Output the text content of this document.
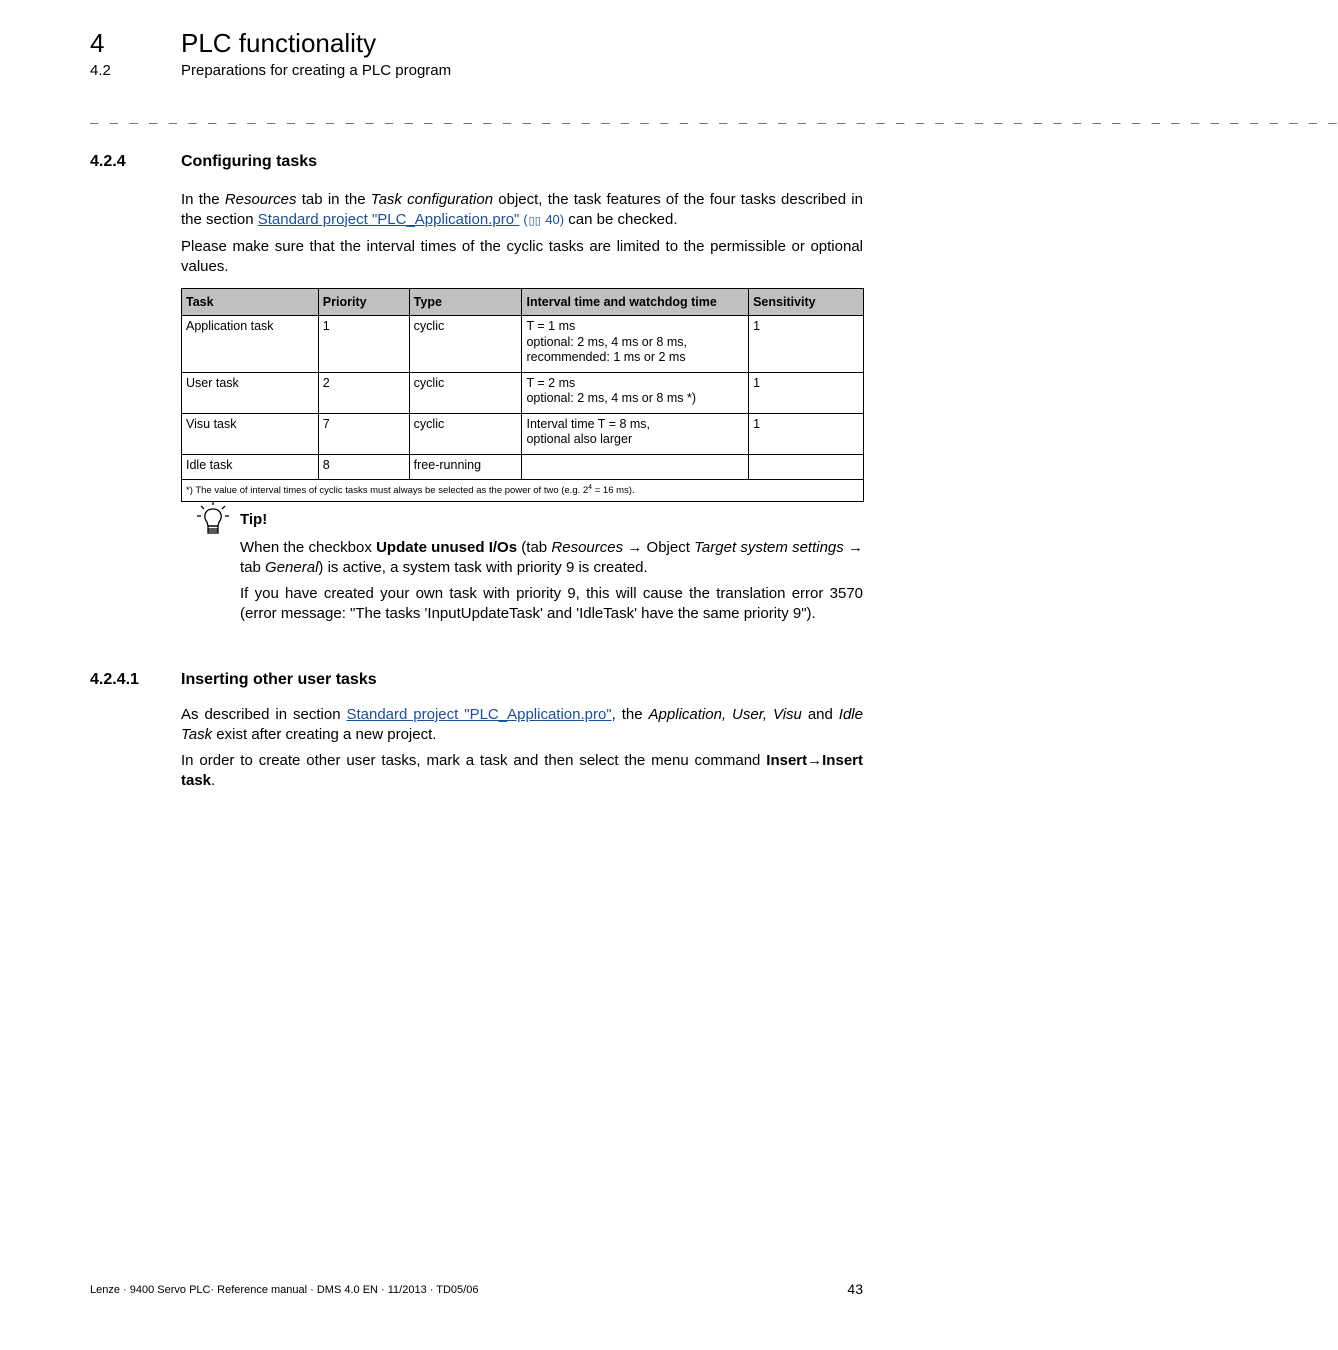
4	PLC functionality
4.2	Preparations for creating a PLC program
_ _ _ _ _ _ _ _ _ _ _ _ _ _ _ _ _ _ _ _ _ _ _ _ _ _ _ _ _ _ _ _ _ _ _ _ _ _ _ _ _ _ _ _ _ _ _ _ _ _ _ _ _ _ _ _ _ _ _ _ _ _ _ _
4.2.4	Configuring tasks
In the Resources tab in the Task configuration object, the task features of the four tasks described in the section Standard project "PLC_Application.pro" (▯▯ 40) can be checked.
Please make sure that the interval times of the cyclic tasks are limited to the permissible or optional values.
Task	Priority	Type	Interval time and watchdog time	Sensitivity
Application task	1	cyclic	T = 1 ms
optional: 2 ms, 4 ms or 8 ms,
recommended: 1 ms or 2 ms	1
User task	2	cyclic	T = 2 ms
optional: 2 ms, 4 ms or 8 ms *)	1
Visu task	7	cyclic	Interval time T = 8 ms,
optional also larger	1
Idle task	8	free-running		
*) The value of interval times of cyclic tasks must always be selected as the power of two (e.g. $2^4 = 16$ ms).				
Tip!
When the checkbox Update unused I/Os (tab Resources → Object Target system settings → tab General) is active, a system task with priority 9 is created.
If you have created your own task with priority 9, this will cause the translation error 3570 (error message: "The tasks 'InputUpdateTask' and 'IdleTask' have the same priority 9").
4.2.4.1	Inserting other user tasks
As described in section Standard project "PLC_Application.pro", the Application, User, Visu and Idle Task exist after creating a new project.
In order to create other user tasks, mark a task and then select the menu command Insert→Insert task.
Lenze · 9400 Servo PLC· Reference manual · DMS 4.0 EN · 11/2013 · TD05/06	43
